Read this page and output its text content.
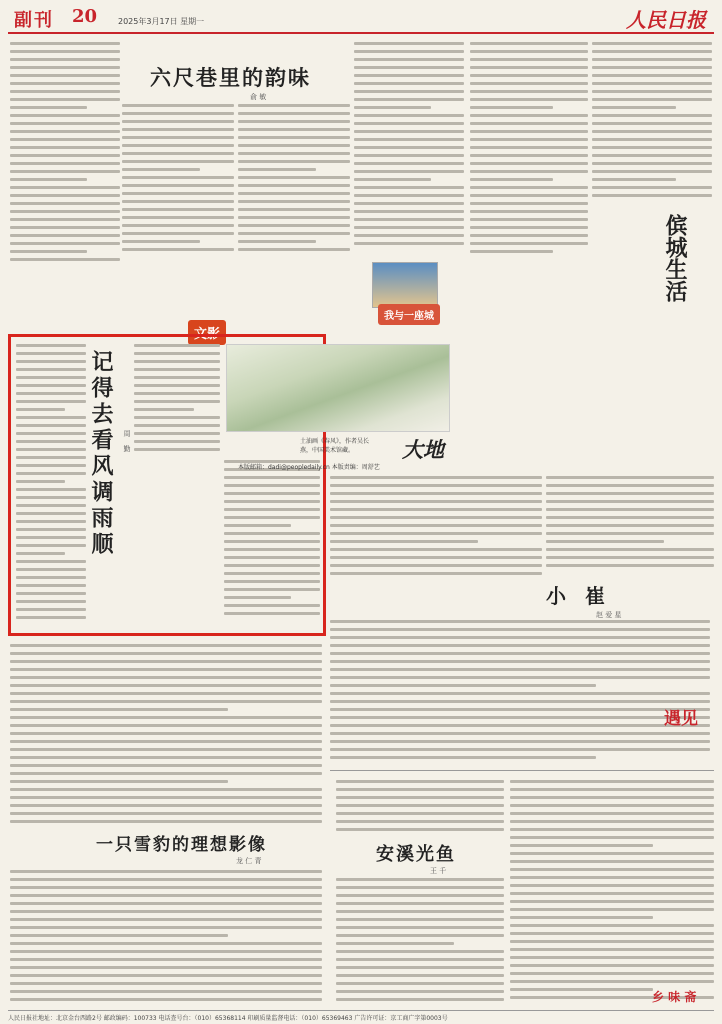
副刊 20	2025年3月17日 星期一	人民日报
六尺巷里的韵味
俞 敏
我与一座城
文影
傧城生活
记得去看风调雨顺	周 勤	土油画《春风》，作者吴长燕，中国美术馆藏。	大地
本版邮箱：dadi@peopledaily.cn 本版责编：周舒艺
小 崔
赵 爱 星
一只雪豹的理想影像
龙 仁 青	安溪光鱼
王 千
遇见
乡 味 斋
人民日报社地址：北京金台西路2号 邮政编码：100733 电话查号台：（010）65368114 印刷质量监督电话：（010）65369463 广告许可证：京工商广字第0003号
